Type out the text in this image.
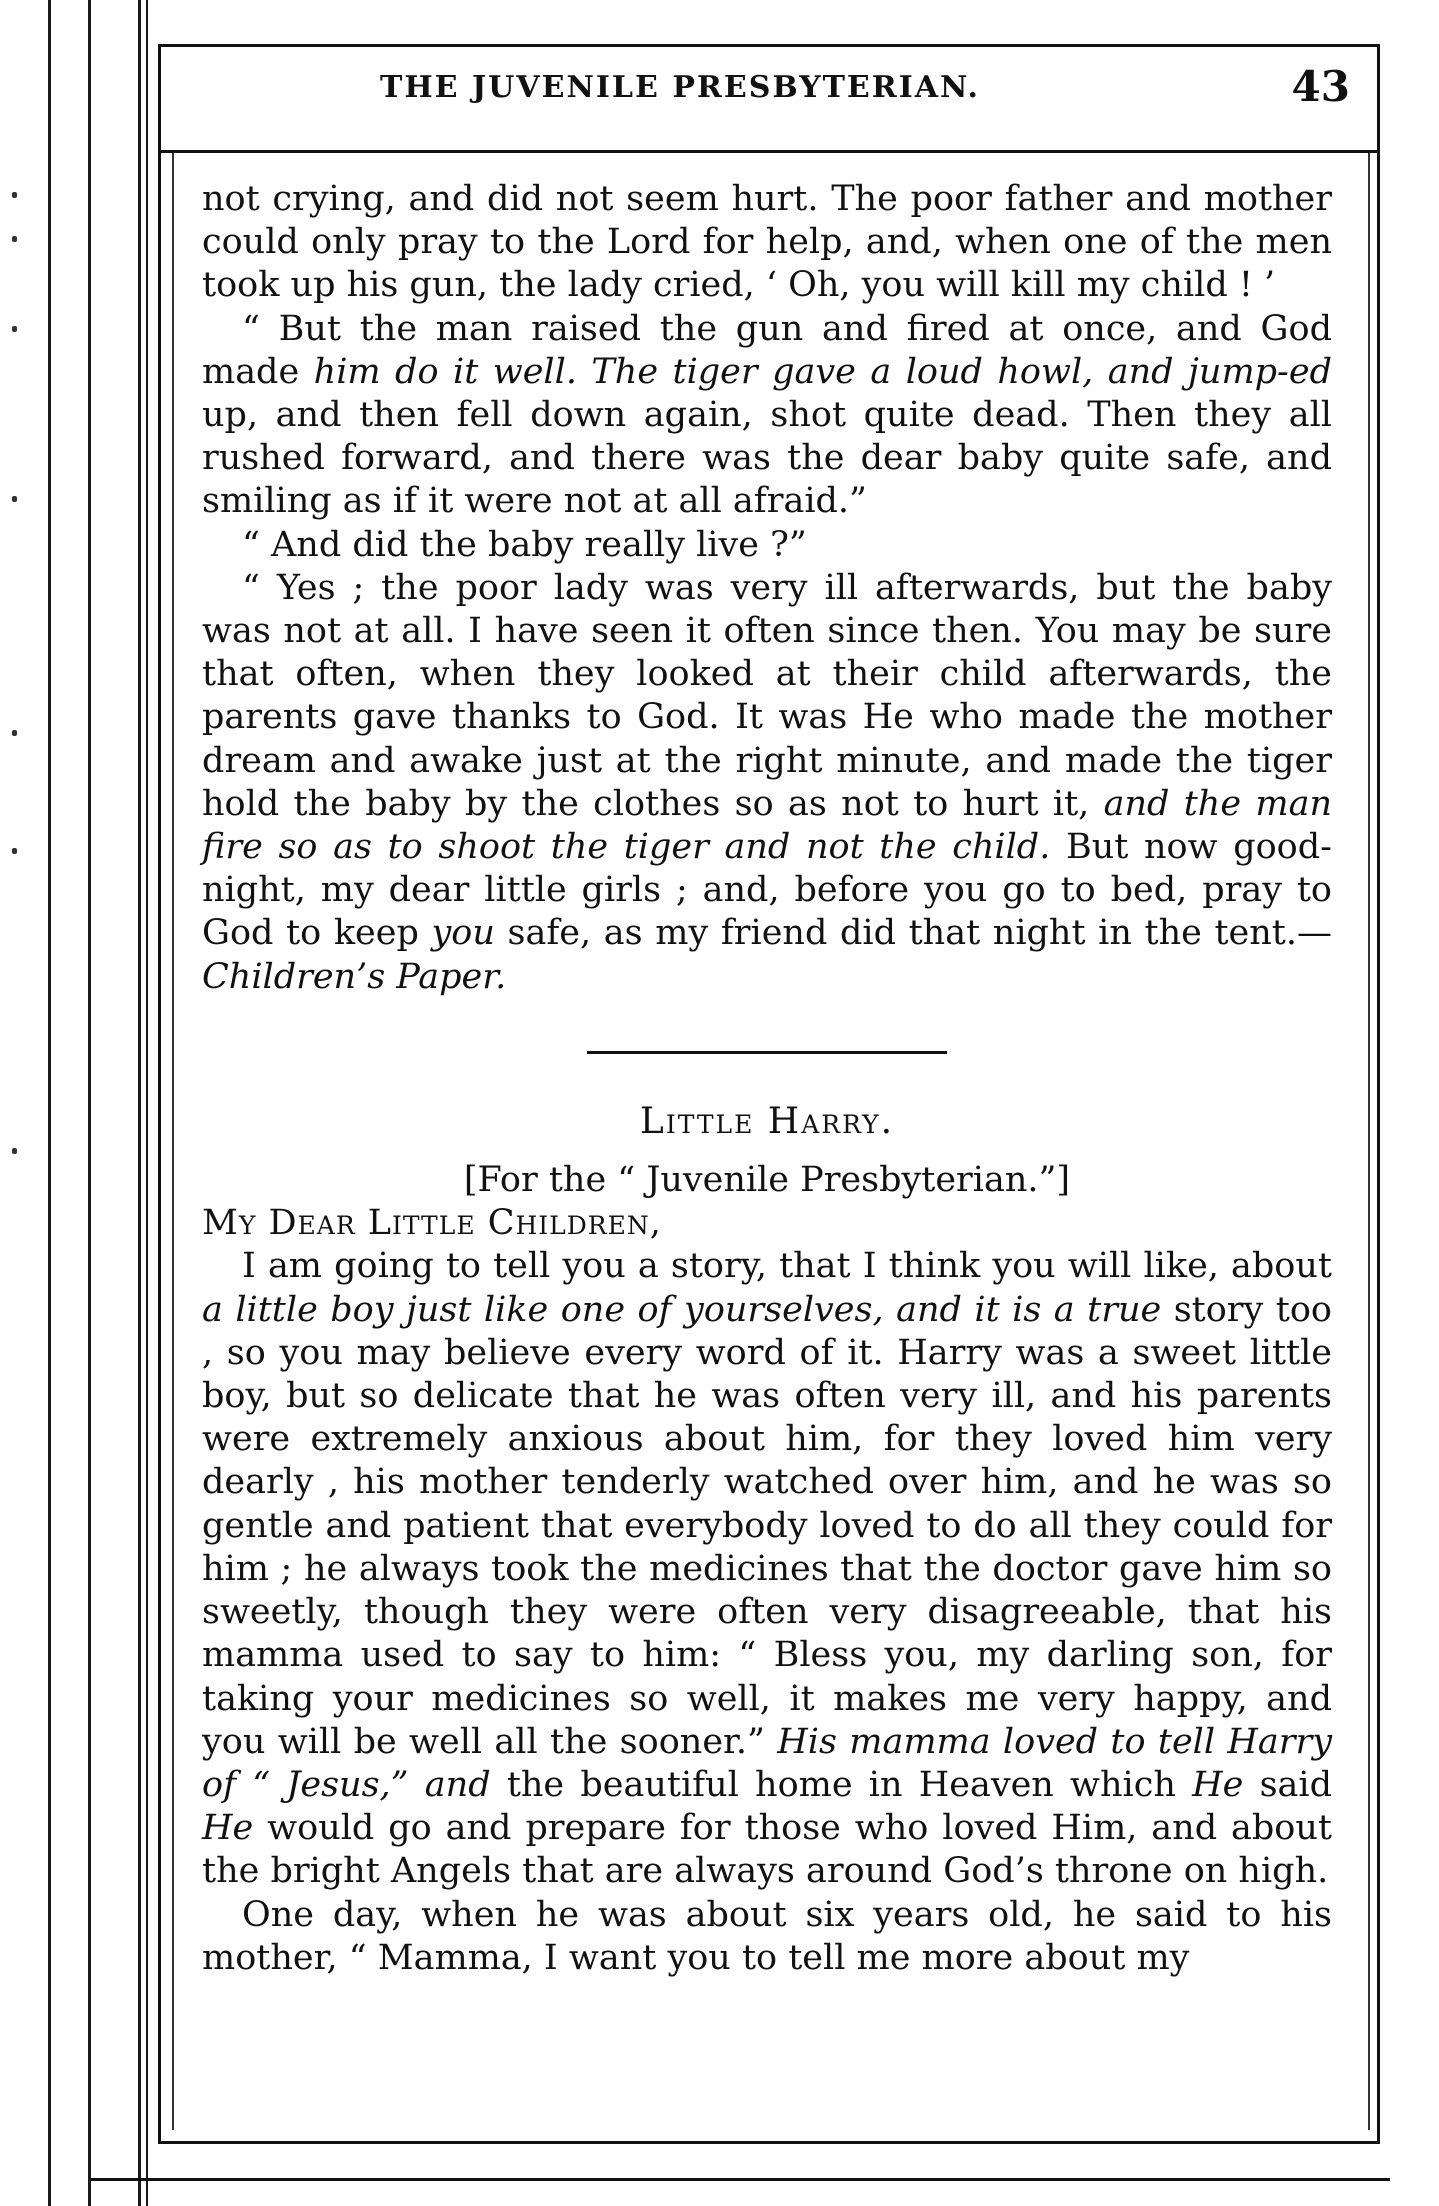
THE JUVENILE PRESBYTERIAN.	43

not crying, and did not seem hurt. The poor father and mother could only pray to the Lord for help, and, when one of the men took up his gun, the lady cried, ‘ Oh, you will kill my child ! ’

“ But the man raised the gun and fired at once, and God made him do it well. The tiger gave a loud howl, and jump-ed up, and then fell down again, shot quite dead. Then they all rushed forward, and there was the dear baby quite safe, and smiling as if it were not at all afraid.”

“ And did the baby really live ?”

“ Yes ; the poor lady was very ill afterwards, but the baby was not at all. I have seen it often since then. You may be sure that often, when they looked at their child afterwards, the parents gave thanks to God. It was He who made the mother dream and awake just at the right minute, and made the tiger hold the baby by the clothes so as not to hurt it, and the man fire so as to shoot the tiger and not the child. But now good-night, my dear little girls ; and, before you go to bed, pray to God to keep you safe, as my friend did that night in the tent.—Children’s Paper.

Little Harry.

[For the “ Juvenile Presbyterian.”]

My Dear Little Children,

I am going to tell you a story, that I think you will like, about a little boy just like one of yourselves, and it is a true story too , so you may believe every word of it. Harry was a sweet little boy, but so delicate that he was often very ill, and his parents were extremely anxious about him, for they loved him very dearly , his mother tenderly watched over him, and he was so gentle and patient that everybody loved to do all they could for him ; he always took the medicines that the doctor gave him so sweetly, though they were often very disagreeable, that his mamma used to say to him: “ Bless you, my darling son, for taking your medicines so well, it makes me very happy, and you will be well all the sooner.” His mamma loved to tell Harry of “ Jesus,” and the beautiful home in Heaven which He said He would go and prepare for those who loved Him, and about the bright Angels that are always around God’s throne on high.

One day, when he was about six years old, he said to his mother, “ Mamma, I want you to tell me more about my
